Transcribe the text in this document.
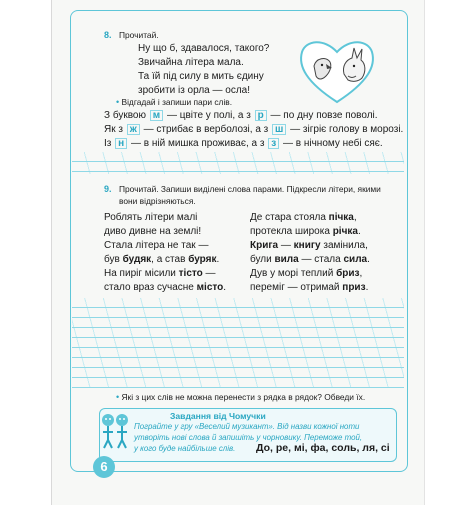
8. Прочитай.
Ну що б, здавалося, такого?
Звичайна літера мала.
Та їй під силу в мить єдину
зробити із орла — осла!
• Відгадай і запиши пари слів.
З буквою м — цвіте у полі, а з р — по дну повзе поволі.
Як з ж — стрибає в верболозі, а з ш — зігріє голову в морозі.
Із н — в ній мишка проживає, а з з — в нічному небі сяє.
9. Прочитай. Запиши виділені слова парами. Підкресли літери, якими
вони відрізняються.
Роблять літери малі
диво дивне на землі!
Стала літера не так —
був будяк, а став буряк.
На пиріг місили тісто —
стало враз сучасне місто.
Де стара стояла пічка,
протекла широка річка.
Крига — книгу замінила,
були вила — стала сила.
Дув у морі теплий бриз,
переміг — отримай приз.
• Які з цих слів не можна перенести з рядка в рядок? Обведи їх.
Завдання від Чомучки
Пограйте у гру «Веселий музикант». Від назви кожної ноти
утворіть нові слова й запишіть у чорновику. Переможе той,
у кого буде найбільше слів. До, ре, мі, фа, соль, ля, сі
6
